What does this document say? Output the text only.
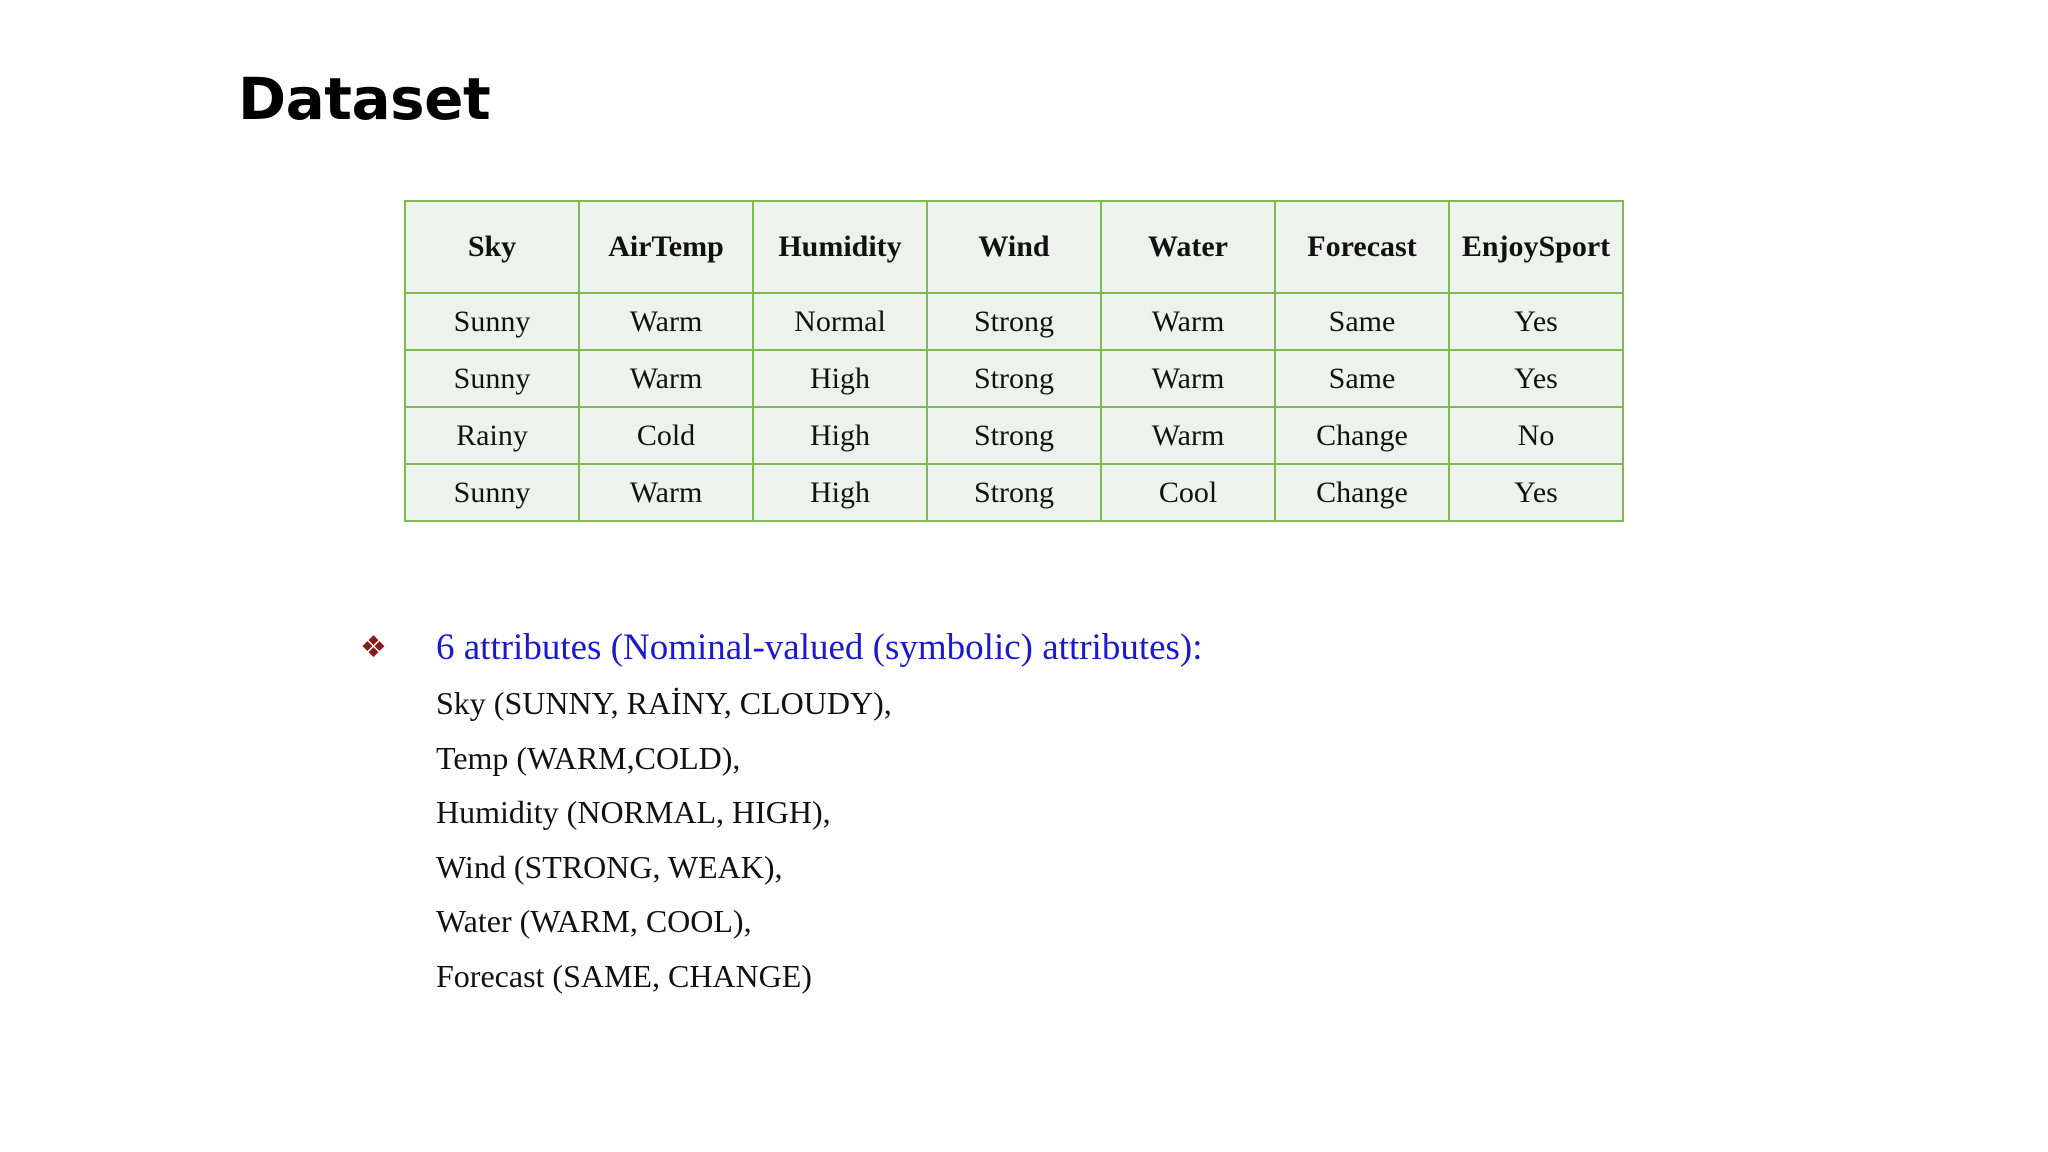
Dataset
Sky	AirTemp	Humidity	Wind	Water	Forecast	EnjoySport
Sunny	Warm	Normal	Strong	Warm	Same	Yes
Sunny	Warm	High	Strong	Warm	Same	Yes
Rainy	Cold	High	Strong	Warm	Change	No
Sunny	Warm	High	Strong	Cool	Change	Yes
❖	6 attributes (Nominal-valued (symbolic) attributes):
Sky (SUNNY, RAİNY, CLOUDY),
Temp (WARM,COLD),
Humidity (NORMAL, HIGH),
Wind (STRONG, WEAK),
Water (WARM, COOL),
Forecast (SAME, CHANGE)
